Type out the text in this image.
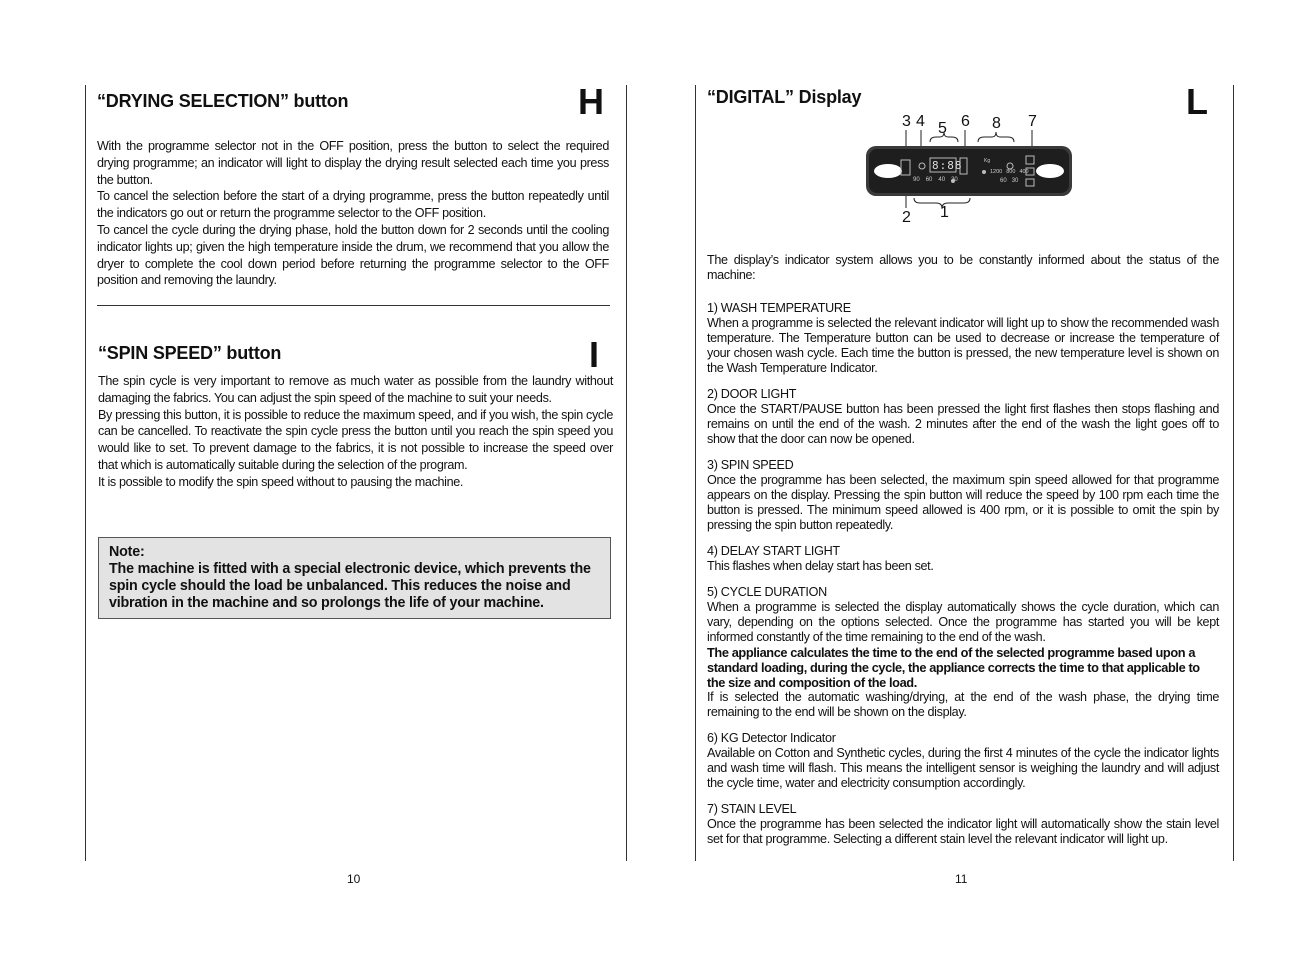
“DRYING SELECTION” button	H

With the programme selector not in the OFF position, press the button to select the required drying programme; an indicator will light to display the drying result selected each time you press the button.

To cancel the selection before the start of a drying programme, press the button repeatedly until the indicators go out or return the programme selector to the OFF position.

To cancel the cycle during the drying phase, hold the button down for 2 seconds until the cooling indicator lights up; given the high temperature inside the drum, we recommend that you allow the dryer to complete the cool down period before returning the programme selector to the OFF position and removing the laundry.

“SPIN SPEED” button	I

The spin cycle is very important to remove as much water as possible from the laundry without damaging the fabrics. You can adjust the spin speed of the machine to suit your needs.

By pressing this button, it is possible to reduce the maximum speed, and if you wish, the spin cycle can be cancelled. To reactivate the spin cycle press the button until you reach the spin speed you would like to set. To prevent damage to the fabrics, it is not possible to increase the speed over that which is automatically suitable during the selection of the program.

It is possible to modify the spin speed without to pausing the machine.

Note:
The machine is fitted with a special electronic device, which prevents the spin cycle should the load be unbalanced. This reduces the noise and vibration in the machine and so prolongs the life of your machine.
10
“DIGITAL” Display	L
3 4 5 6 8 7
2 1
8:88	Kg
90 60 40 30
1200 800 400
60 30

The display’s indicator system allows you to be constantly informed about the status of the machine:

1) WASH TEMPERATURE

When a programme is selected the relevant indicator will light up to show the recommended wash temperature. The Temperature button can be used to decrease or increase the temperature of your chosen wash cycle. Each time the button is pressed, the new temperature level is shown on the Wash Temperature Indicator.

2) DOOR LIGHT

Once the START/PAUSE button has been pressed the light first flashes then stops flashing and remains on until the end of the wash. 2 minutes after the end of the wash the light goes off to show that the door can now be opened.

3) SPIN SPEED

Once the programme has been selected, the maximum spin speed allowed for that programme appears on the display. Pressing the spin button will reduce the speed by 100 rpm each time the button is pressed. The minimum speed allowed is 400 rpm, or it is possible to omit the spin by pressing the spin button repeatedly.

4) DELAY START LIGHT

This flashes when delay start has been set.

5) CYCLE DURATION

When a programme is selected the display automatically shows the cycle duration, which can vary, depending on the options selected. Once the programme has started you will be kept informed constantly of the time remaining to the end of the wash.

The appliance calculates the time to the end of the selected programme based upon a standard loading, during the cycle, the appliance corrects the time to that applicable to the size and composition of the load.

If is selected the automatic washing/drying, at the end of the wash phase, the drying time remaining to the end will be shown on the display.

6) KG Detector Indicator

Available on Cotton and Synthetic cycles, during the first 4 minutes of the cycle the indicator lights and wash time will flash. This means the intelligent sensor is weighing the laundry and will adjust the cycle time, water and electricity consumption accordingly.

7) STAIN LEVEL

Once the programme has been selected the indicator light will automatically show the stain level set for that programme. Selecting a different stain level the relevant indicator will light up.

11
